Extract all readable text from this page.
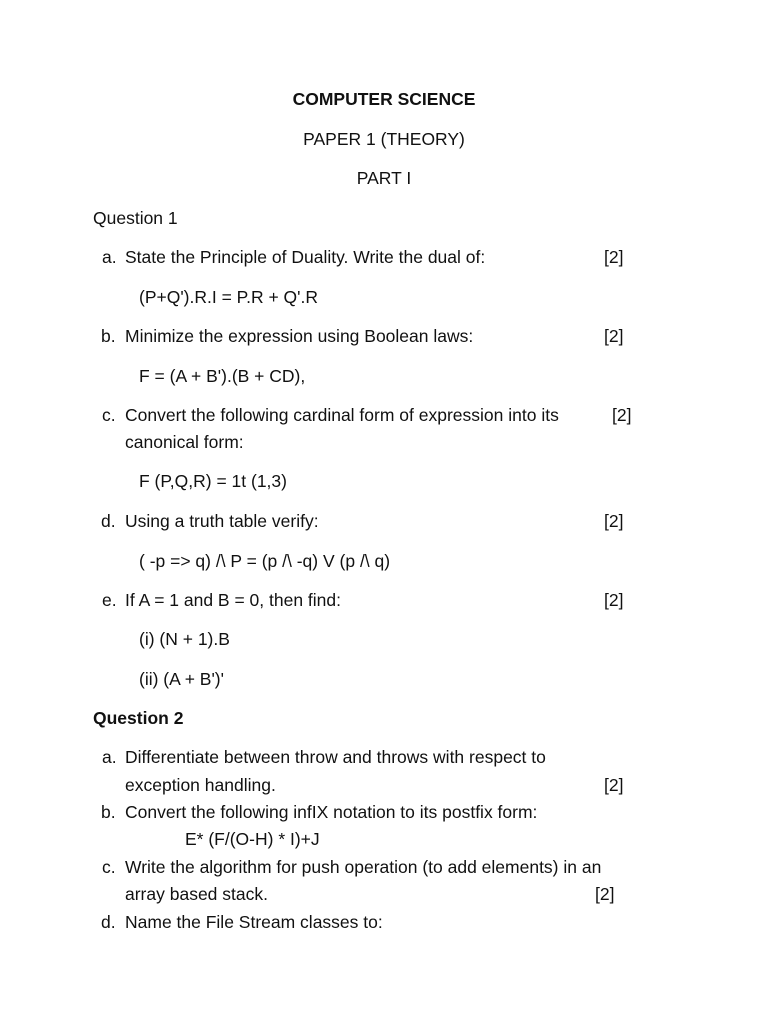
COMPUTER SCIENCE
PAPER 1 (THEORY)
PART I
Question 1
a. State the Principle of Duality. Write the dual of:	[2]
(P+Q').R.I = P.R + Q'.R
b. Minimize the expression using Boolean laws:	[2]
F = (A + B').(B + CD),
c. Convert the following cardinal form of expression into its	[2]
canonical form:
F (P,Q,R) = 1t (1,3)
d. Using a truth table verify:	[2]
( -p => q) /\ P = (p /\ -q) V (p /\ q)
e. If A = 1 and B = 0, then find:	[2]
(i) (N + 1).B
(ii) (A + B')'
Question 2
a. Differentiate between throw and throws with respect to
exception handling.	[2]
b. Convert the following infIX notation to its postfix form:
E* (F/(O-H) * I)+J
c. Write the algorithm for push operation (to add elements) in an
array based stack.	[2]
d. Name the File Stream classes to:
